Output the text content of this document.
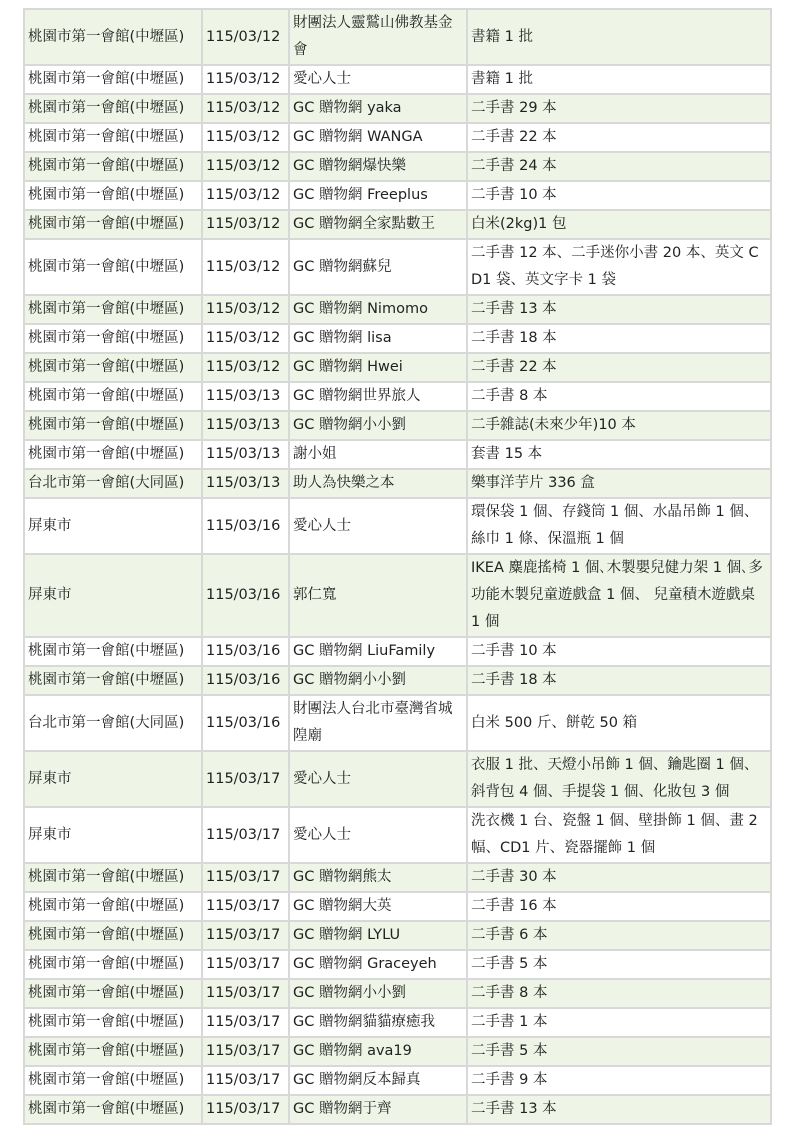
桃園市第一會館(中壢區)	115/03/12	財團法人靈鷲山佛教基金會	書籍 1 批
桃園市第一會館(中壢區)	115/03/12	愛心人士	書籍 1 批
桃園市第一會館(中壢區)	115/03/12	GC 贈物網 yaka	二手書 29 本
桃園市第一會館(中壢區)	115/03/12	GC 贈物網 WANGA	二手書 22 本
桃園市第一會館(中壢區)	115/03/12	GC 贈物網爆快樂	二手書 24 本
桃園市第一會館(中壢區)	115/03/12	GC 贈物網 Freeplus	二手書 10 本
桃園市第一會館(中壢區)	115/03/12	GC 贈物網全家點數王	白米(2kg)1 包
桃園市第一會館(中壢區)	115/03/12	GC 贈物網蘇兒	二手書 12 本、二手迷你小書 20 本、英文 CD1 袋、英文字卡 1 袋
桃園市第一會館(中壢區)	115/03/12	GC 贈物網 Nimomo	二手書 13 本
桃園市第一會館(中壢區)	115/03/12	GC 贈物網 lisa	二手書 18 本
桃園市第一會館(中壢區)	115/03/12	GC 贈物網 Hwei	二手書 22 本
桃園市第一會館(中壢區)	115/03/13	GC 贈物網世界旅人	二手書 8 本
桃園市第一會館(中壢區)	115/03/13	GC 贈物網小小劉	二手雜誌(未來少年)10 本
桃園市第一會館(中壢區)	115/03/13	謝小姐	套書 15 本
台北市第一會館(大同區)	115/03/13	助人為快樂之本	樂事洋芋片 336 盒
屏東市	115/03/16	愛心人士	環保袋 1 個、存錢筒 1 個、水晶吊飾 1 個、絲巾 1 條、保溫瓶 1 個
屏東市	115/03/16	郭仁寬	IKEA 麋鹿搖椅 1 個､木製嬰兒健力架 1 個､多功能木製兒童遊戲盒 1 個、 兒童積木遊戲桌 1 個
桃園市第一會館(中壢區)	115/03/16	GC 贈物網 LiuFamily	二手書 10 本
桃園市第一會館(中壢區)	115/03/16	GC 贈物網小小劉	二手書 18 本
台北市第一會館(大同區)	115/03/16	財團法人台北市臺灣省城隍廟	白米 500 斤、餅乾 50 箱
屏東市	115/03/17	愛心人士	衣服 1 批、天燈小吊飾 1 個、鑰匙圈 1 個、斜背包 4 個、手提袋 1 個、化妝包 3 個
屏東市	115/03/17	愛心人士	洗衣機 1 台、瓷盤 1 個、壁掛飾 1 個、畫 2 幅、CD1 片、瓷器擺飾 1 個
桃園市第一會館(中壢區)	115/03/17	GC 贈物網熊太	二手書 30 本
桃園市第一會館(中壢區)	115/03/17	GC 贈物網大英	二手書 16 本
桃園市第一會館(中壢區)	115/03/17	GC 贈物網 LYLU	二手書 6 本
桃園市第一會館(中壢區)	115/03/17	GC 贈物網 Graceyeh	二手書 5 本
桃園市第一會館(中壢區)	115/03/17	GC 贈物網小小劉	二手書 8 本
桃園市第一會館(中壢區)	115/03/17	GC 贈物網貓貓療癒我	二手書 1 本
桃園市第一會館(中壢區)	115/03/17	GC 贈物網 ava19	二手書 5 本
桃園市第一會館(中壢區)	115/03/17	GC 贈物網反本歸真	二手書 9 本
桃園市第一會館(中壢區)	115/03/17	GC 贈物網于齊	二手書 13 本
